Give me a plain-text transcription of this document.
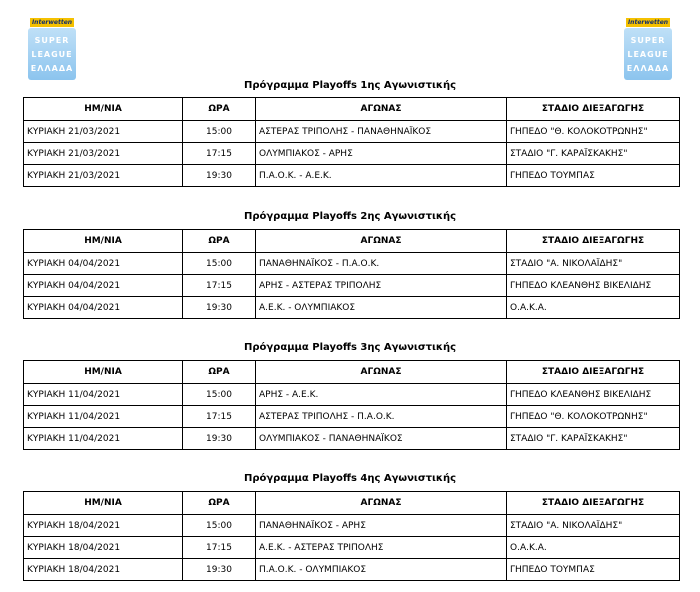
Interwetten
SUPER
LEAGUE
ΕΛΛΑΔΑ
Interwetten
SUPER
LEAGUE
ΕΛΛΑΔΑ
Πρόγραμμα Playoffs 1ης Αγωνιστικής
ΗΜ/ΝΙΑ	ΩΡΑ	ΑΓΩΝΑΣ	ΣΤΑΔΙΟ ΔΙΕΞΑΓΩΓΗΣ
ΚΥΡΙΑΚΗ 21/03/2021	15:00	ΑΣΤΕΡΑΣ ΤΡΙΠΟΛΗΣ - ΠΑΝΑΘΗΝΑΪΚΟΣ	ΓΗΠΕΔΟ "Θ. ΚΟΛΟΚΟΤΡΩΝΗΣ"
ΚΥΡΙΑΚΗ 21/03/2021	17:15	ΟΛΥΜΠΙΑΚΟΣ - ΑΡΗΣ	ΣΤΑΔΙΟ "Γ. ΚΑΡΑΪΣΚΑΚΗΣ"
ΚΥΡΙΑΚΗ 21/03/2021	19:30	Π.Α.Ο.Κ. - Α.Ε.Κ.	ΓΗΠΕΔΟ ΤΟΥΜΠΑΣ
Πρόγραμμα Playoffs 2ης Αγωνιστικής
ΗΜ/ΝΙΑ	ΩΡΑ	ΑΓΩΝΑΣ	ΣΤΑΔΙΟ ΔΙΕΞΑΓΩΓΗΣ
ΚΥΡΙΑΚΗ 04/04/2021	15:00	ΠΑΝΑΘΗΝΑΪΚΟΣ - Π.Α.Ο.Κ.	ΣΤΑΔΙΟ "Α. ΝΙΚΟΛΑΪΔΗΣ"
ΚΥΡΙΑΚΗ 04/04/2021	17:15	ΑΡΗΣ - ΑΣΤΕΡΑΣ ΤΡΙΠΟΛΗΣ	ΓΗΠΕΔΟ ΚΛΕΑΝΘΗΣ ΒΙΚΕΛΙΔΗΣ
ΚΥΡΙΑΚΗ 04/04/2021	19:30	Α.Ε.Κ. - ΟΛΥΜΠΙΑΚΟΣ	Ο.Α.Κ.Α.
Πρόγραμμα Playoffs 3ης Αγωνιστικής
ΗΜ/ΝΙΑ	ΩΡΑ	ΑΓΩΝΑΣ	ΣΤΑΔΙΟ ΔΙΕΞΑΓΩΓΗΣ
ΚΥΡΙΑΚΗ 11/04/2021	15:00	ΑΡΗΣ - Α.Ε.Κ.	ΓΗΠΕΔΟ ΚΛΕΑΝΘΗΣ ΒΙΚΕΛΙΔΗΣ
ΚΥΡΙΑΚΗ 11/04/2021	17:15	ΑΣΤΕΡΑΣ ΤΡΙΠΟΛΗΣ - Π.Α.Ο.Κ.	ΓΗΠΕΔΟ "Θ. ΚΟΛΟΚΟΤΡΩΝΗΣ"
ΚΥΡΙΑΚΗ 11/04/2021	19:30	ΟΛΥΜΠΙΑΚΟΣ - ΠΑΝΑΘΗΝΑΪΚΟΣ	ΣΤΑΔΙΟ "Γ. ΚΑΡΑΪΣΚΑΚΗΣ"
Πρόγραμμα Playoffs 4ης Αγωνιστικής
ΗΜ/ΝΙΑ	ΩΡΑ	ΑΓΩΝΑΣ	ΣΤΑΔΙΟ ΔΙΕΞΑΓΩΓΗΣ
ΚΥΡΙΑΚΗ 18/04/2021	15:00	ΠΑΝΑΘΗΝΑΪΚΟΣ - ΑΡΗΣ	ΣΤΑΔΙΟ "Α. ΝΙΚΟΛΑΪΔΗΣ"
ΚΥΡΙΑΚΗ 18/04/2021	17:15	Α.Ε.Κ. - ΑΣΤΕΡΑΣ ΤΡΙΠΟΛΗΣ	Ο.Α.Κ.Α.
ΚΥΡΙΑΚΗ 18/04/2021	19:30	Π.Α.Ο.Κ. - ΟΛΥΜΠΙΑΚΟΣ	ΓΗΠΕΔΟ ΤΟΥΜΠΑΣ
